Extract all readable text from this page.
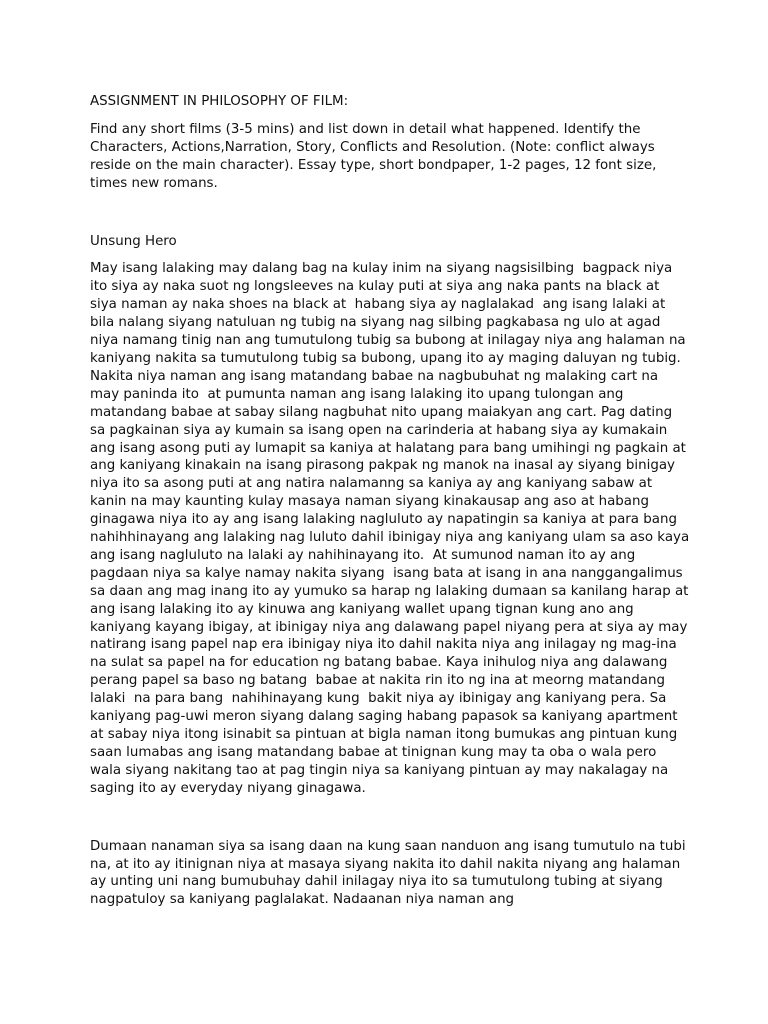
ASSIGNMENT IN PHILOSOPHY OF FILM:

Find any short films (3-5 mins) and list down in detail what happened. Identify the Characters, Actions,Narration, Story, Conflicts and Resolution. (Note: conflict always reside on the main character). Essay type, short bondpaper, 1-2 pages, 12 font size, times new romans.

Unsung Hero

May isang lalaking may dalang bag na kulay inim na siyang nagsisilbing  bagpack niya ito siya ay naka suot ng longsleeves na kulay puti at siya ang naka pants na black at siya naman ay naka shoes na black at  habang siya ay naglalakad  ang isang lalaki at bila nalang siyang natuluan ng tubig na siyang nag silbing pagkabasa ng ulo at agad niya namang tinig nan ang tumutulong tubig sa bubong at inilagay niya ang halaman na kaniyang nakita sa tumutulong tubig sa bubong, upang ito ay maging daluyan ng tubig.  Nakita niya naman ang isang matandang babae na nagbubuhat ng malaking cart na may paninda ito  at pumunta naman ang isang lalaking ito upang tulongan ang matandang babae at sabay silang nagbuhat nito upang maiakyan ang cart. Pag dating sa pagkainan siya ay kumain sa isang open na carinderia at habang siya ay kumakain ang isang asong puti ay lumapit sa kaniya at halatang para bang umihingi ng pagkain at ang kaniyang kinakain na isang pirasong pakpak ng manok na inasal ay siyang binigay niya ito sa asong puti at ang natira nalamanng sa kaniya ay ang kaniyang sabaw at kanin na may kaunting kulay masaya naman siyang kinakausap ang aso at habang ginagawa niya ito ay ang isang lalaking nagluluto ay napatingin sa kaniya at para bang nahihhinayang ang lalaking nag luluto dahil ibinigay niya ang kaniyang ulam sa aso kaya ang isang nagluluto na lalaki ay nahihinayang ito.  At sumunod naman ito ay ang pagdaan niya sa kalye namay nakita siyang  isang bata at isang in ana nanggangalimus sa daan ang mag inang ito ay yumuko sa harap ng lalaking dumaan sa kanilang harap at ang isang lalaking ito ay kinuwa ang kaniyang wallet upang tignan kung ano ang kaniyang kayang ibigay, at ibinigay niya ang dalawang papel niyang pera at siya ay may natirang isang papel nap era ibinigay niya ito dahil nakita niya ang inilagay ng mag-ina na sulat sa papel na for education ng batang babae. Kaya inihulog niya ang dalawang perang papel sa baso ng batang  babae at nakita rin ito ng ina at meorng matandang  lalaki  na para bang  nahihinayang kung  bakit niya ay ibinigay ang kaniyang pera. Sa kaniyang pag-uwi meron siyang dalang saging habang papasok sa kaniyang apartment at sabay niya itong isinabit sa pintuan at bigla naman itong bumukas ang pintuan kung saan lumabas ang isang matandang babae at tinignan kung may ta oba o wala pero wala siyang nakitang tao at pag tingin niya sa kaniyang pintuan ay may nakalagay na saging ito ay everyday niyang ginagawa.

Dumaan nanaman siya sa isang daan na kung saan nanduon ang isang tumutulo na tubi na, at ito ay itinignan niya at masaya siyang nakita ito dahil nakita niyang ang halaman ay unting uni nang bumubuhay dahil inilagay niya ito sa tumutulong tubing at siyang nagpatuloy sa kaniyang paglalakat. Nadaanan niya naman ang
